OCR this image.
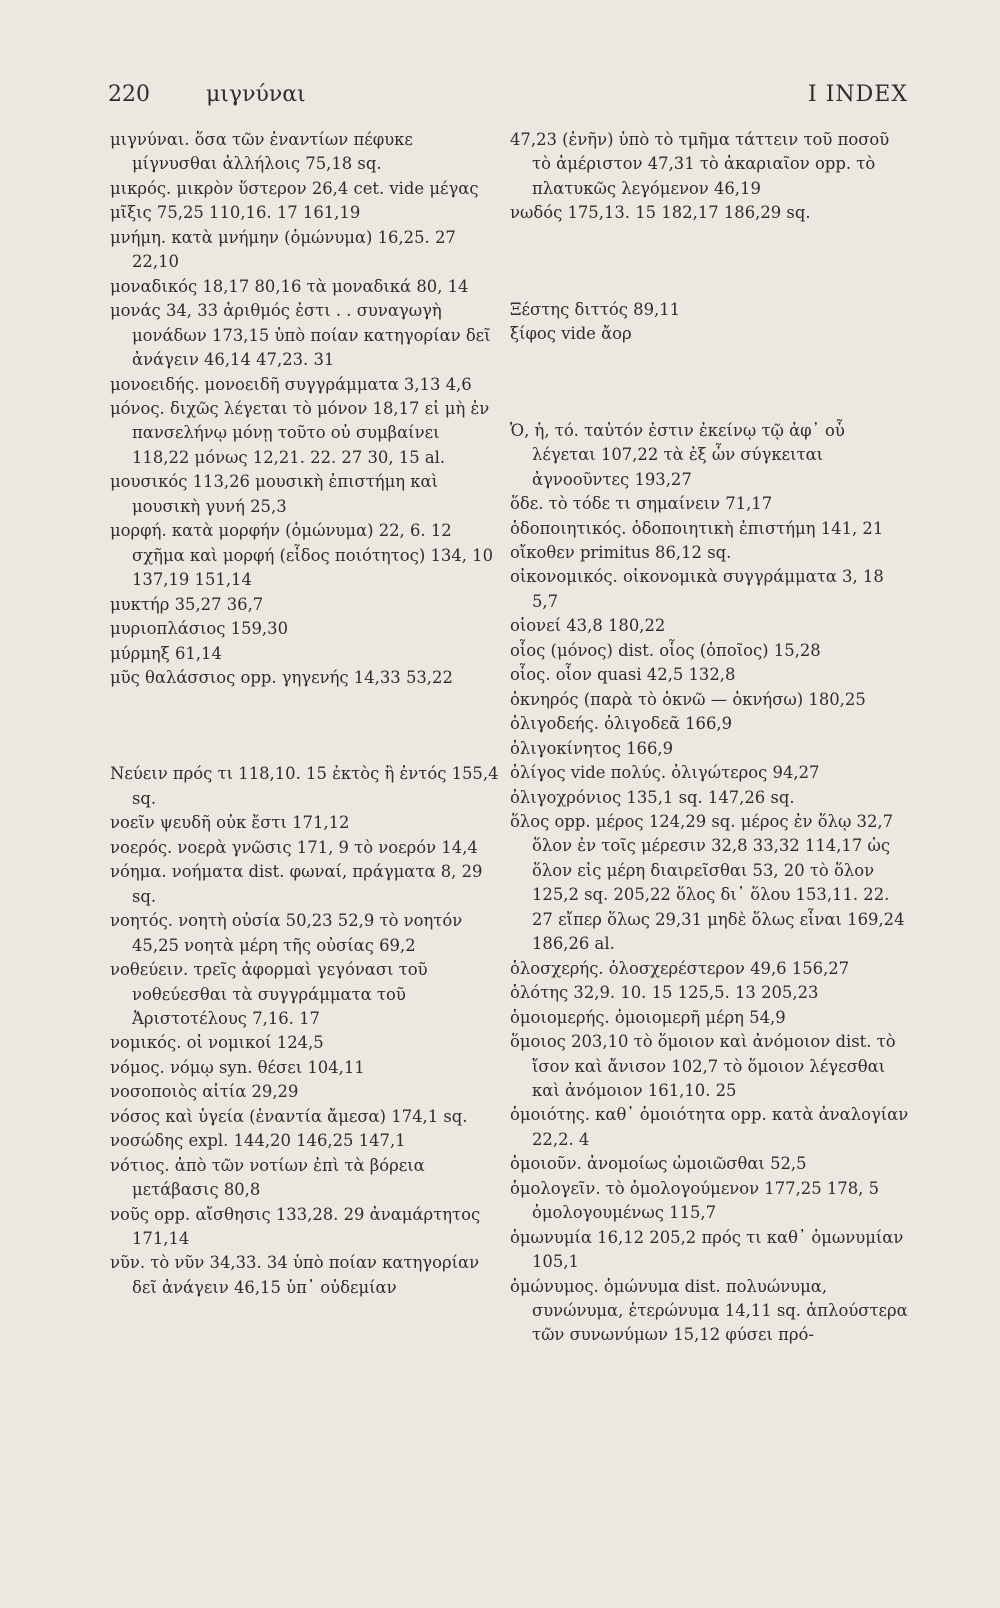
220	μιγνύναι	I INDEX

μιγνύναι. ὅσα τῶν ἐναντίων πέφυκε μίγνυσθαι ἀλλήλοις 75,18 sq.

μικρός. μικρὸν ὕστερον 26,4 cet. vide μέγας

μῖξις 75,25 110,16. 17 161,19

μνήμη. κατὰ μνήμην (ὁμώνυμα) 16,25. 27 22,10

μοναδικός 18,17 80,16 τὰ μοναδικά 80, 14

μονάς 34, 33 ἀριθμός ἐστι . . συναγωγὴ μονάδων 173,15 ὑπὸ ποίαν κατηγορίαν δεῖ ἀνάγειν 46,14 47,23. 31

μονοειδής. μονοειδῆ συγγράμματα 3,13 4,6

μόνος. διχῶς λέγεται τὸ μόνον 18,17 εἰ μὴ ἐν πανσελήνῳ μόνῃ τοῦτο οὐ συμβαίνει 118,22 μόνως 12,21. 22. 27 30, 15 al.

μουσικός 113,26 μουσικὴ ἐπιστήμη καὶ μουσικὴ γυνή 25,3

μορφή. κατὰ μορφήν (ὁμώνυμα) 22, 6. 12 σχῆμα καὶ μορφή (εἶδος ποιότητος) 134, 10 137,19 151,14

μυκτήρ 35,27 36,7

μυριοπλάσιος 159,30

μύρμηξ 61,14

μῦς θαλάσσιος opp. γηγενής 14,33 53,22

Νεύειν πρός τι 118,10. 15 ἐκτὸς ἢ ἐντός 155,4 sq.

νοεῖν ψευδῆ οὐκ ἔστι 171,12

νοερός. νοερὰ γνῶσις 171, 9 τὸ νοερόν 14,4

νόημα. νοήματα dist. φωναί, πράγματα 8, 29 sq.

νοητός. νοητὴ οὐσία 50,23 52,9 τὸ νοητόν 45,25 νοητὰ μέρη τῆς οὐσίας 69,2

νοθεύειν. τρεῖς ἀφορμαὶ γεγόνασι τοῦ νοθεύεσθαι τὰ συγγράμματα τοῦ Ἀριστοτέλους 7,16. 17

νομικός. οἱ νομικοί 124,5

νόμος. νόμῳ syn. θέσει 104,11

νοσοποιὸς αἰτία 29,29

νόσος καὶ ὑγεία (ἐναντία ἄμεσα) 174,1 sq.

νοσώδης expl. 144,20 146,25 147,1

νότιος. ἀπὸ τῶν νοτίων ἐπὶ τὰ βόρεια μετάβασις 80,8

νοῦς opp. αἴσθησις 133,28. 29 ἀναμάρτητος 171,14

νῦν. τὸ νῦν 34,33. 34 ὑπὸ ποίαν κατηγορίαν δεῖ ἀνάγειν 46,15 ὑπ᾽ οὐδεμίαν

47,23 (ἐνῆν) ὑπὸ τὸ τμῆμα τάττειν τοῦ ποσοῦ τὸ ἀμέριστον 47,31 τὸ ἀκαριαῖον opp. τὸ πλατυκῶς λεγόμενον 46,19

νωδός 175,13. 15 182,17 186,29 sq.

Ξέστης διττός 89,11

ξίφος vide ἄορ

Ὁ, ἡ, τό. ταὐτόν ἐστιν ἐκείνῳ τῷ ἀφ᾽ οὗ λέγεται 107,22 τὰ ἐξ ὧν σύγκειται ἀγνοοῦντες 193,27

ὅδε. τὸ τόδε τι σημαίνειν 71,17

ὁδοποιητικός. ὁδοποιητικὴ ἐπιστήμη 141, 21

οἴκοθεν primitus 86,12 sq.

οἰκονομικός. οἰκονομικὰ συγγράμματα 3, 18 5,7

οἱονεί 43,8 180,22

οἷος (μόνος) dist. οἷος (ὁποῖος) 15,28

οἷος. οἷον quasi 42,5 132,8

ὀκνηρός (παρὰ τὸ ὀκνῶ — ὀκνήσω) 180,25

ὀλιγοδεής. ὀλιγοδεᾶ 166,9

ὀλιγοκίνητος 166,9

ὀλίγος vide πολύς. ὀλιγώτερος 94,27

ὀλιγοχρόνιος 135,1 sq. 147,26 sq.

ὅλος opp. μέρος 124,29 sq. μέρος ἐν ὅλῳ 32,7 ὅλον ἐν τοῖς μέρεσιν 32,8 33,32 114,17 ὡς ὅλον εἰς μέρη διαιρεῖσθαι 53, 20 τὸ ὅλον 125,2 sq. 205,22 ὅλος δι᾽ ὅλου 153,11. 22. 27 εἴπερ ὅλως 29,31 μηδὲ ὅλως εἶναι 169,24 186,26 al.

ὁλοσχερής. ὁλοσχερέστερον 49,6 156,27

ὁλότης 32,9. 10. 15 125,5. 13 205,23

ὁμοιομερής. ὁμοιομερῆ μέρη 54,9

ὅμοιος 203,10 τὸ ὅμοιον καὶ ἀνόμοιον dist. τὸ ἴσον καὶ ἄνισον 102,7 τὸ ὅμοιον λέγεσθαι καὶ ἀνόμοιον 161,10. 25

ὁμοιότης. καθ᾽ ὁμοιότητα opp. κατὰ ἀναλογίαν 22,2. 4

ὁμοιοῦν. ἀνομοίως ὡμοιῶσθαι 52,5

ὁμολογεῖν. τὸ ὁμολογούμενον 177,25 178, 5 ὁμολογουμένως 115,7

ὁμωνυμία 16,12 205,2 πρός τι καθ᾽ ὁμωνυμίαν 105,1

ὁμώνυμος. ὁμώνυμα dist. πολυώνυμα, συνώνυμα, ἑτερώνυμα 14,11 sq. ἁπλούστερα τῶν συνωνύμων 15,12 φύσει πρό-
